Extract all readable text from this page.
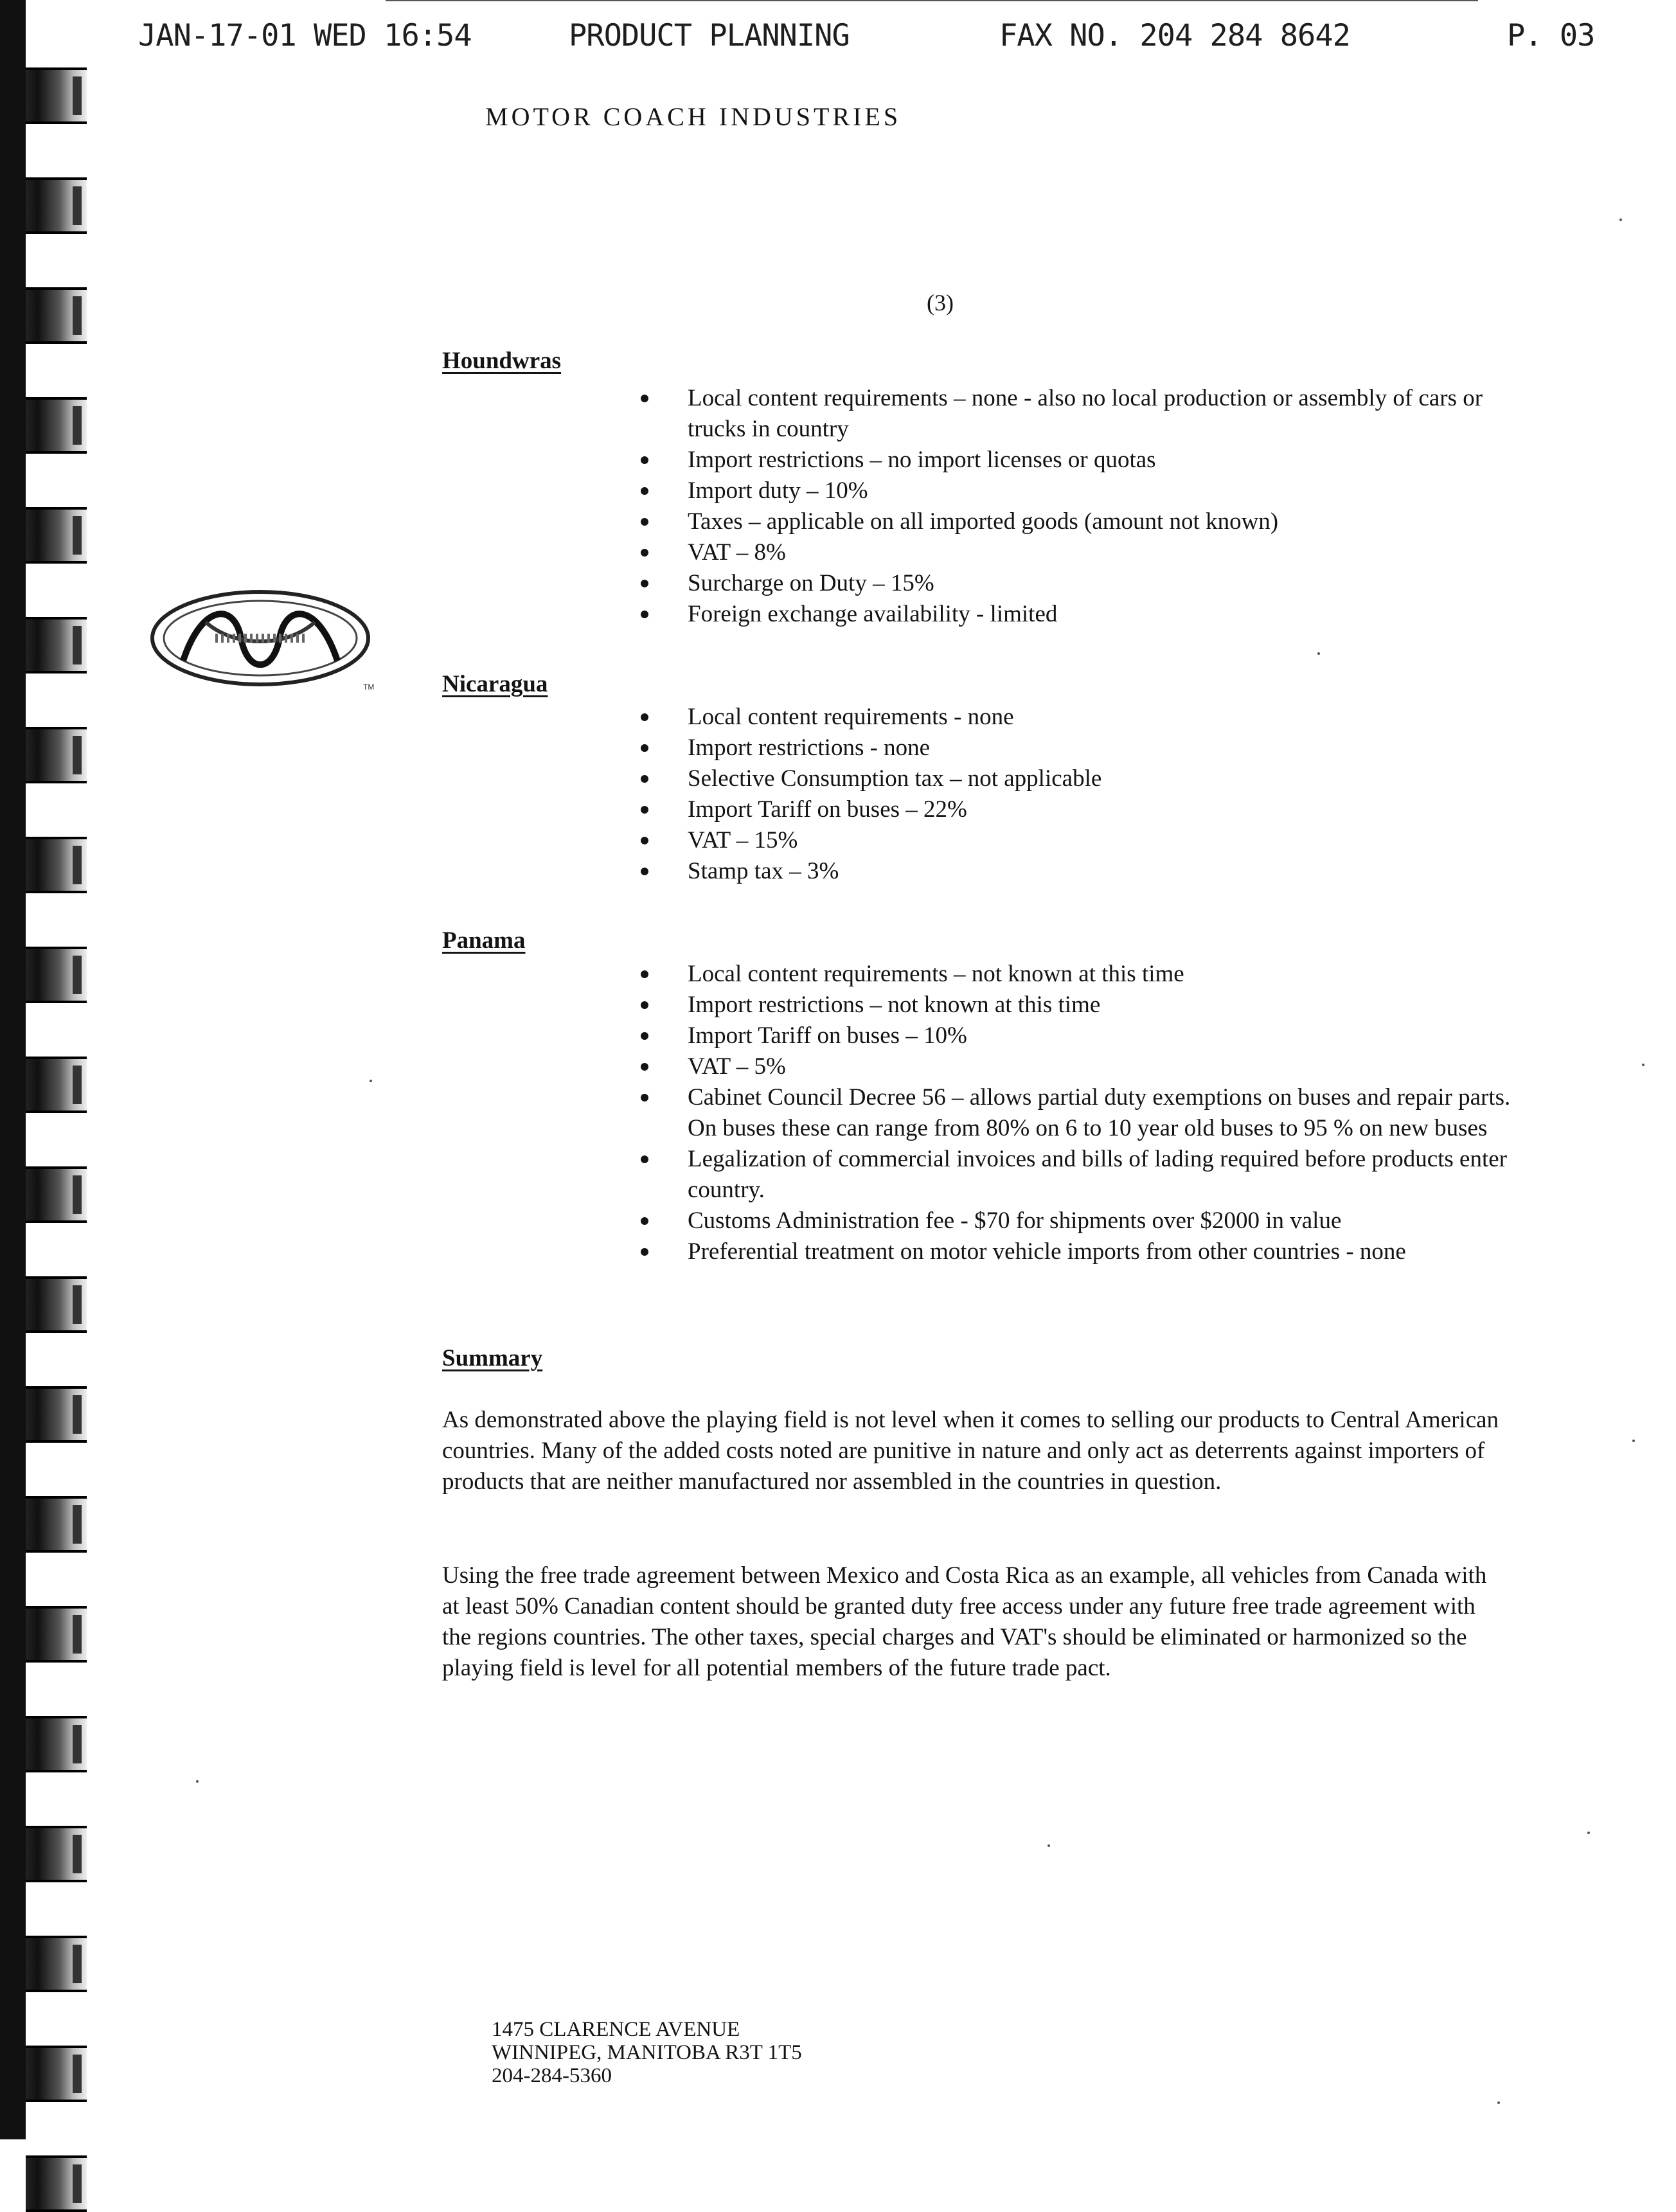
JAN-17-01 WED 16:54	PRODUCT PLANNING	FAX NO. 204 284 8642	P. 03
MOTOR COACH INDUSTRIES
TM
(3)
Houndwras
Local content requirements – none - also no local production or assembly of cars or trucks in country
Import restrictions – no import licenses or quotas
Import duty – 10%
Taxes – applicable on all imported goods (amount not known)
VAT – 8%
Surcharge on Duty – 15%
Foreign exchange availability - limited
Nicaragua
Local content requirements - none
Import restrictions - none
Selective Consumption tax – not applicable
Import Tariff on buses – 22%
VAT – 15%
Stamp tax – 3%
Panama
Local content requirements – not known at this time
Import restrictions – not known at this time
Import Tariff on buses – 10%
VAT – 5%
Cabinet Council Decree 56 – allows partial duty exemptions on buses and repair parts. On buses these can range from 80% on 6 to 10 year old buses to 95 % on new buses
Legalization of commercial invoices and bills of lading required before products enter country.
Customs Administration fee - $70 for shipments over $2000 in value
Preferential treatment on motor vehicle imports from other countries - none
Summary

As demonstrated above the playing field is not level when it comes to selling our products to Central American countries. Many of the added costs noted are punitive in nature and only act as deterrents against importers of products that are neither manufactured nor assembled in the countries in question.

Using the free trade agreement between Mexico and Costa Rica as an example, all vehicles from Canada with at least 50% Canadian content should be granted duty free access under any future free trade agreement with the regions countries. The other taxes, special charges and VAT's should be eliminated or harmonized so the playing field is level for all potential members of the future trade pact.

1475 CLARENCE AVENUE
WINNIPEG, MANITOBA R3T 1T5
204-284-5360
